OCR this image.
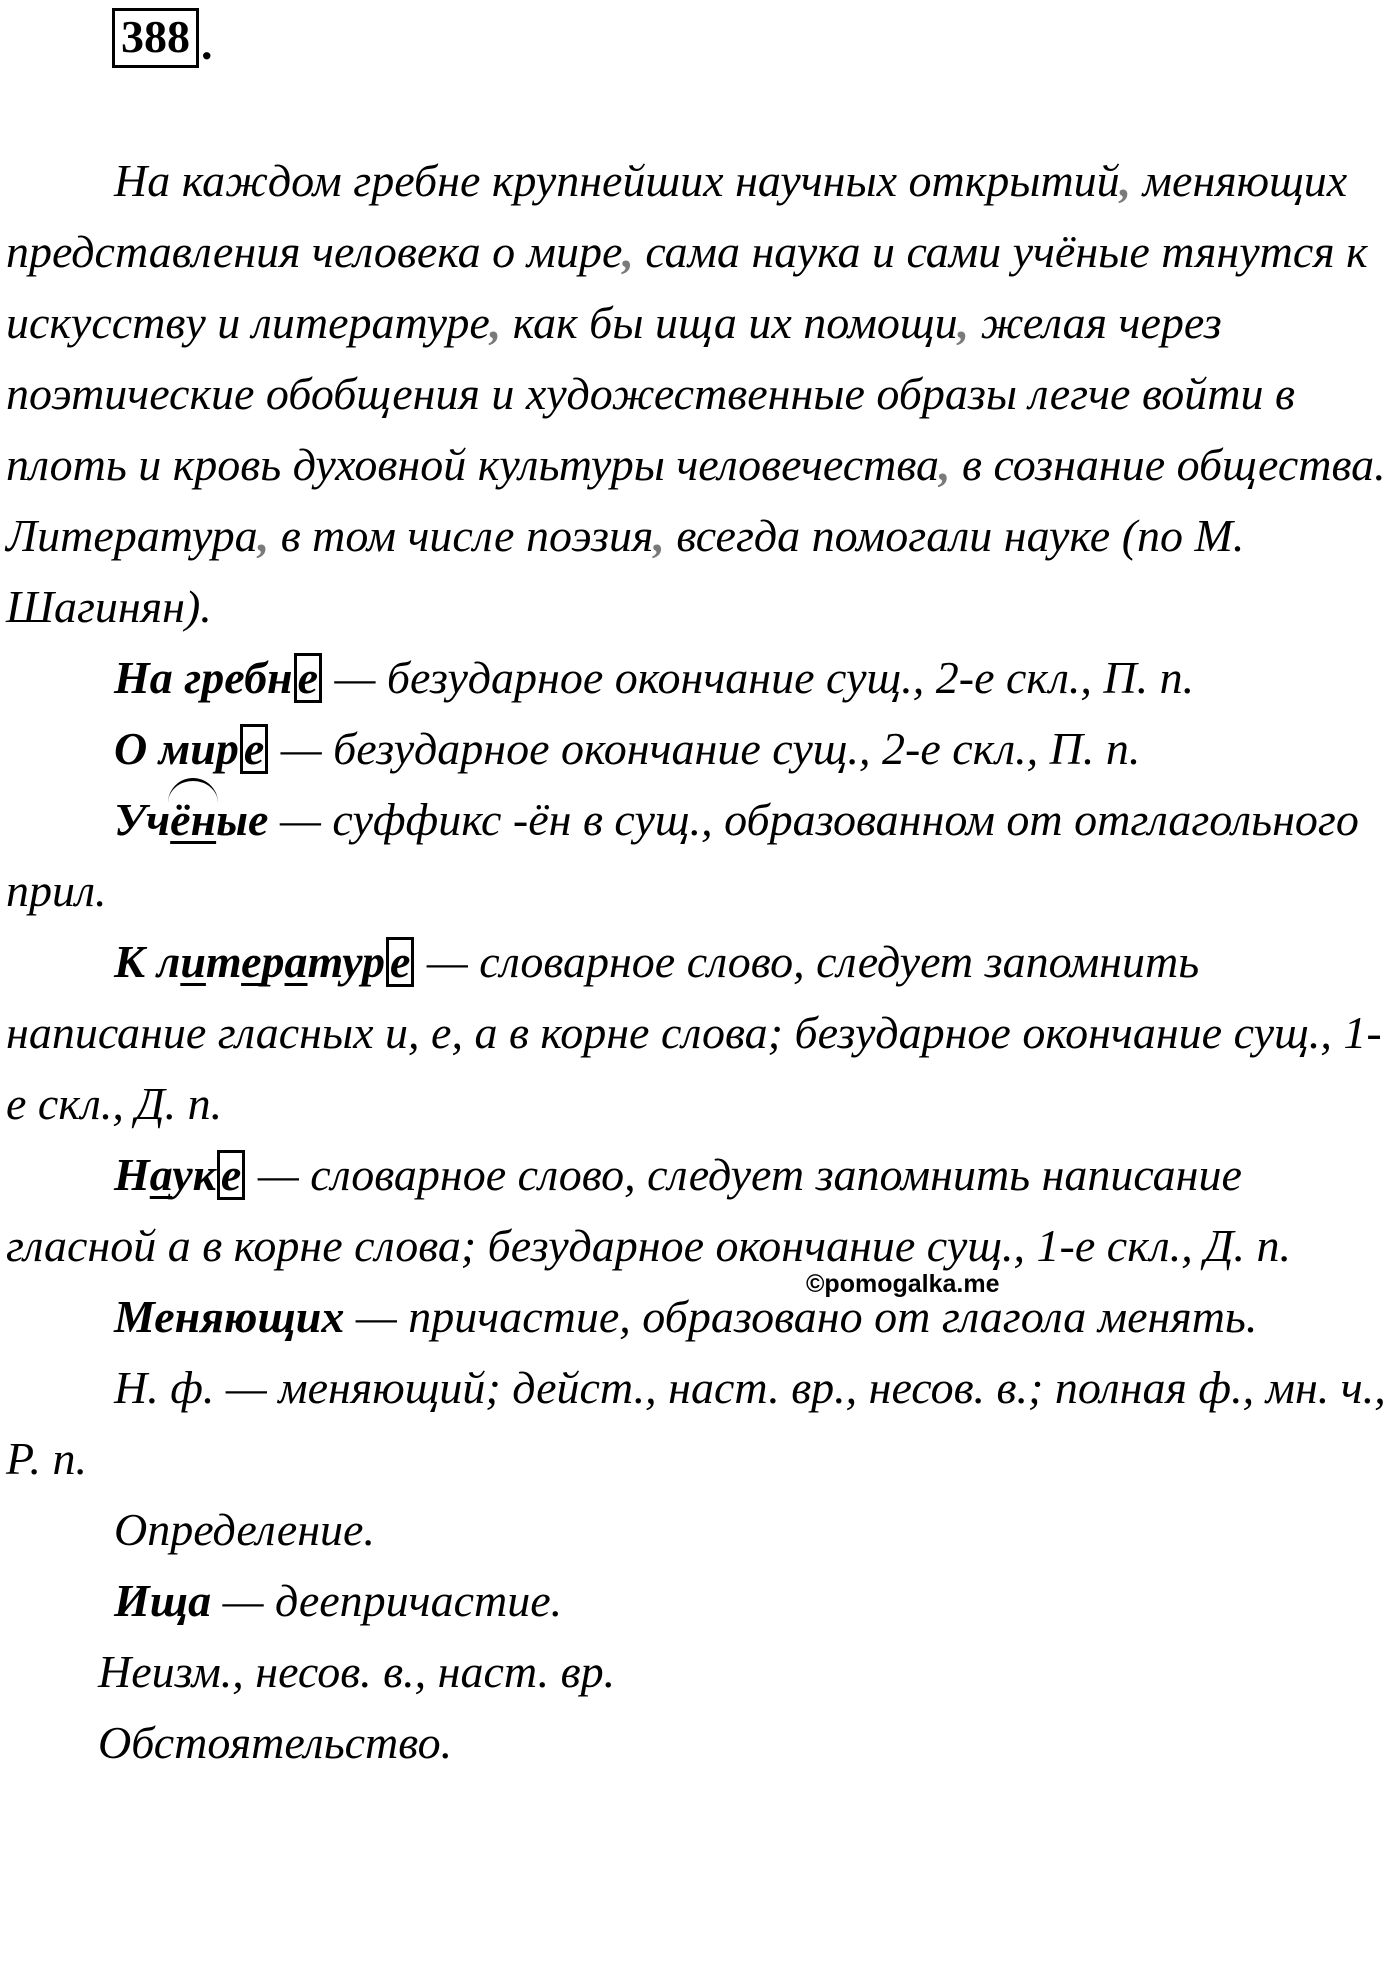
388 .

На каждом гребне крупнейших научных открытий, меняющих представления человека о мире, сама наука и сами учёные тянутся к искусству и литературе, как бы ища их помощи, желая через поэтические обобщения и художественные образы легче войти в плоть и кровь духовной культуры человечества, в сознание общества. Литература, в том числе поэзия, всегда помогали науке (по М. Шагинян).

На гребн е — безударное окончание сущ., 2-е скл., П. п.

О мир е — безударное окончание сущ., 2-е скл., П. п.

Учёные — суффикс -ён в сущ., образованном от отглагольного прил.

К литератур е — словарное слово, следует запомнить написание гласных и, е, а в корне слова; безударное окончание сущ., 1-е скл., Д. п.

Наук е — словарное слово, следует запомнить написание гласной а в корне слова; безударное окончание сущ., 1-е скл., Д. п.

Меняющих — причастие, образовано от глагола менять.

Н. ф. — меняющий; дейст., наст. вр., несов. в.; полная ф., мн. ч., Р. п.

Определение.

Ища — деепричастие.

Неизм., несов. в., наст. вр.

Обстоятельство.

©pomogalka.me
